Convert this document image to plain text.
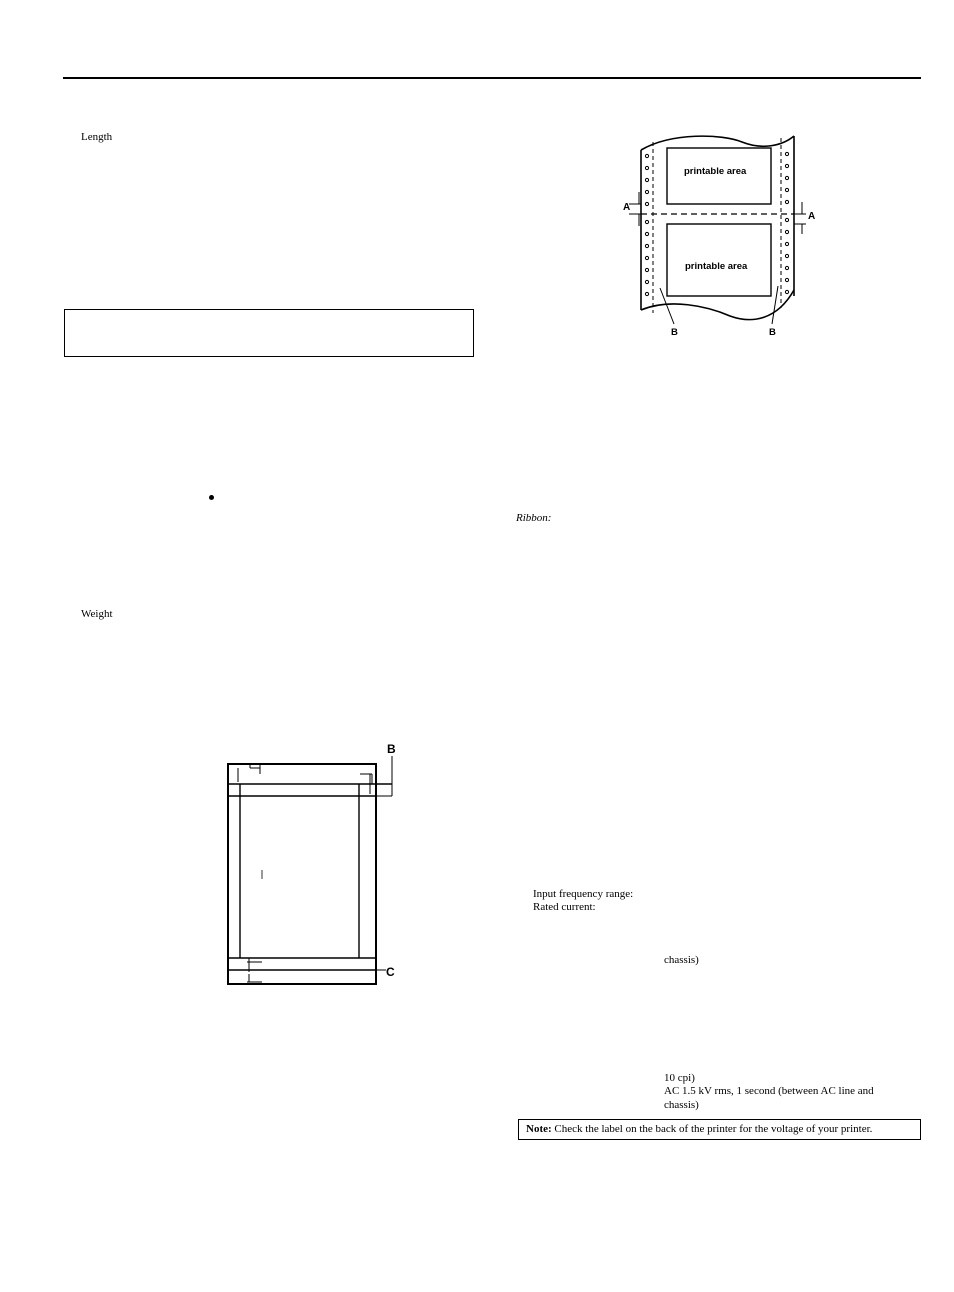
Length
Weight
B
C
printable area
printable area
A
A
B	B
Ribbon:
Input frequency range:
Rated current:
chassis)
10 cpi)
AC 1.5 kV rms, 1 second (between AC line and
chassis)
Note: Check the label on the back of the printer for the voltage of your printer.
